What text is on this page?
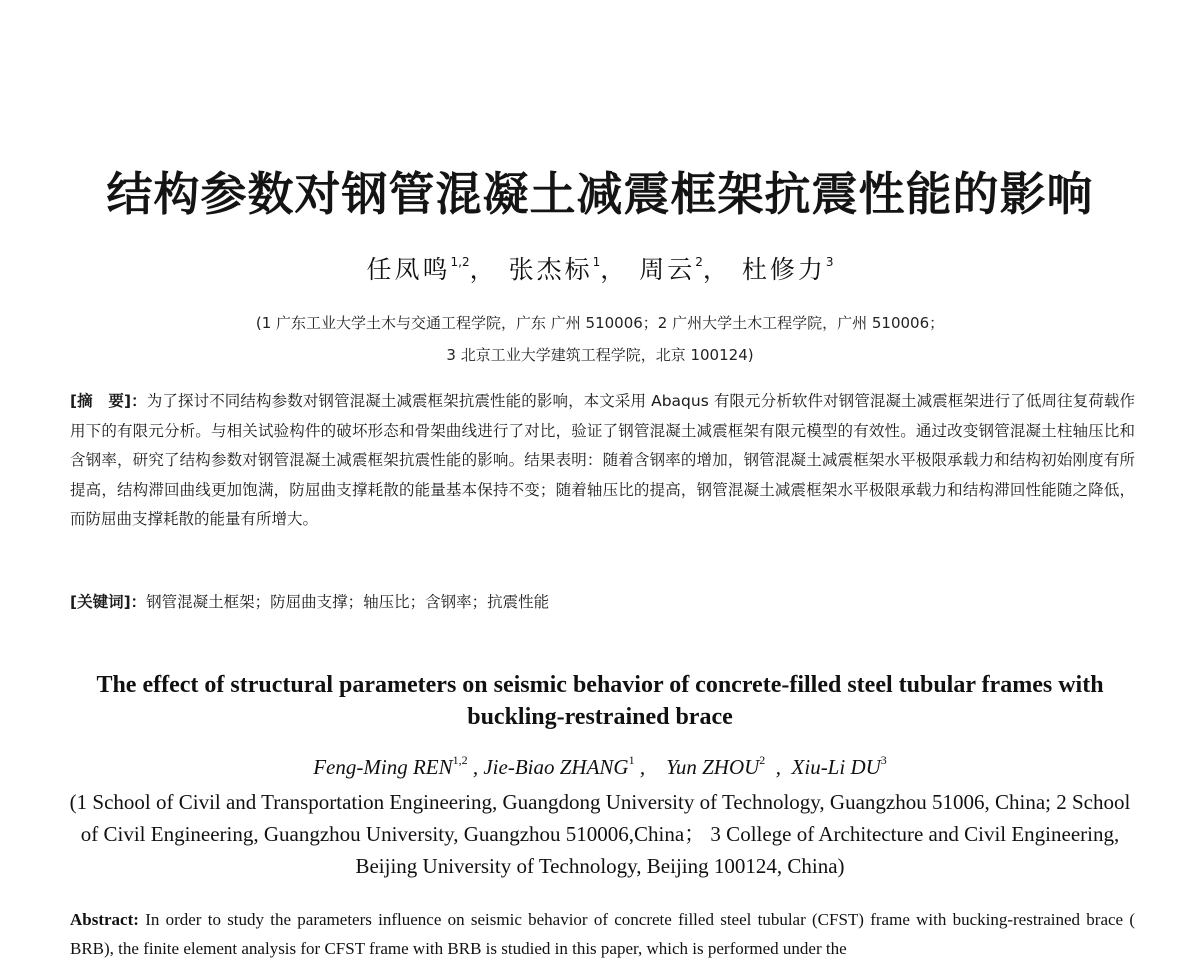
结构参数对钢管混凝土减震框架抗震性能的影响
任凤鸣$^{1,2}$， 张杰标$^1$， 周云$^2$， 杜修力$^3$
(1 广东工业大学土木与交通工程学院，广东 广州 510006；2 广州大学土木工程学院，广州 510006；
3 北京工业大学建筑工程学院，北京 100124)
[摘　要]：为了探讨不同结构参数对钢管混凝土减震框架抗震性能的影响，本文采用 Abaqus 有限元分析软件对钢管混凝土减震框架进行了低周往复荷载作用下的有限元分析。与相关试验构件的破坏形态和骨架曲线进行了对比，验证了钢管混凝土减震框架有限元模型的有效性。通过改变钢管混凝土柱轴压比和含钢率，研究了结构参数对钢管混凝土减震框架抗震性能的影响。结果表明：随着含钢率的增加，钢管混凝土减震框架水平极限承载力和结构初始刚度有所提高，结构滞回曲线更加饱满，防屈曲支撑耗散的能量基本保持不变；随着轴压比的提高，钢管混凝土减震框架水平极限承载力和结构滞回性能随之降低，而防屈曲支撑耗散的能量有所增大。
[关键词]：钢管混凝土框架；防屈曲支撑；轴压比；含钢率；抗震性能
The effect of structural parameters on seismic behavior of concrete-filled steel tubular frames with buckling-restrained brace
Feng-Ming REN$^{1,2}$ , Jie-Biao ZHANG$^1$ ,    Yun ZHOU$^2$  ,  Xiu-Li $DU^3$
(1 School of Civil and Transportation Engineering, Guangdong University of Technology, Guangzhou 51006, China; 2 School of Civil Engineering, Guangzhou University, Guangzhou 510006,China； 3 College of Architecture and Civil Engineering, Beijing University of Technology, Beijing 100124, China)
Abstract: In order to study the parameters influence on seismic behavior of concrete filled steel tubular (CFST) frame with bucking-restrained brace ( BRB), the finite element analysis for CFST frame with BRB is studied in this paper, which is performed under the
